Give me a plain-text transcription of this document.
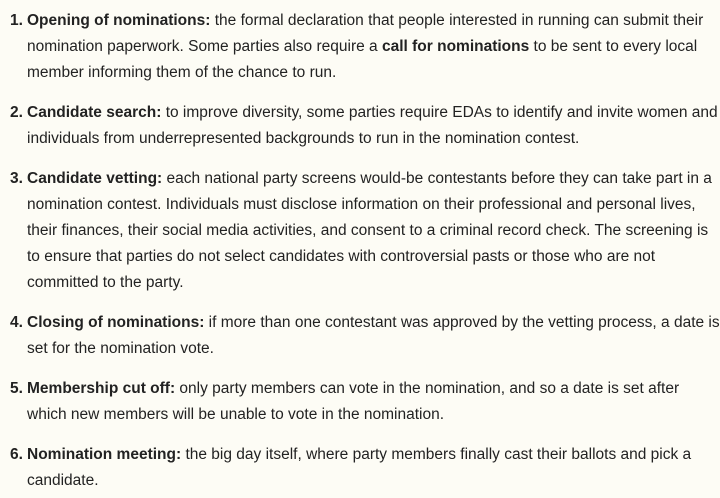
1. Opening of nominations: the formal declaration that people interested in running can submit their nomination paperwork. Some parties also require a call for nominations to be sent to every local member informing them of the chance to run.
2. Candidate search: to improve diversity, some parties require EDAs to identify and invite women and individuals from underrepresented backgrounds to run in the nomination contest.
3. Candidate vetting: each national party screens would-be contestants before they can take part in a nomination contest. Individuals must disclose information on their professional and personal lives, their finances, their social media activities, and consent to a criminal record check. The screening is to ensure that parties do not select candidates with controversial pasts or those who are not committed to the party.
4. Closing of nominations: if more than one contestant was approved by the vetting process, a date is set for the nomination vote.
5. Membership cut off: only party members can vote in the nomination, and so a date is set after which new members will be unable to vote in the nomination.
6. Nomination meeting: the big day itself, where party members finally cast their ballots and pick a candidate.
